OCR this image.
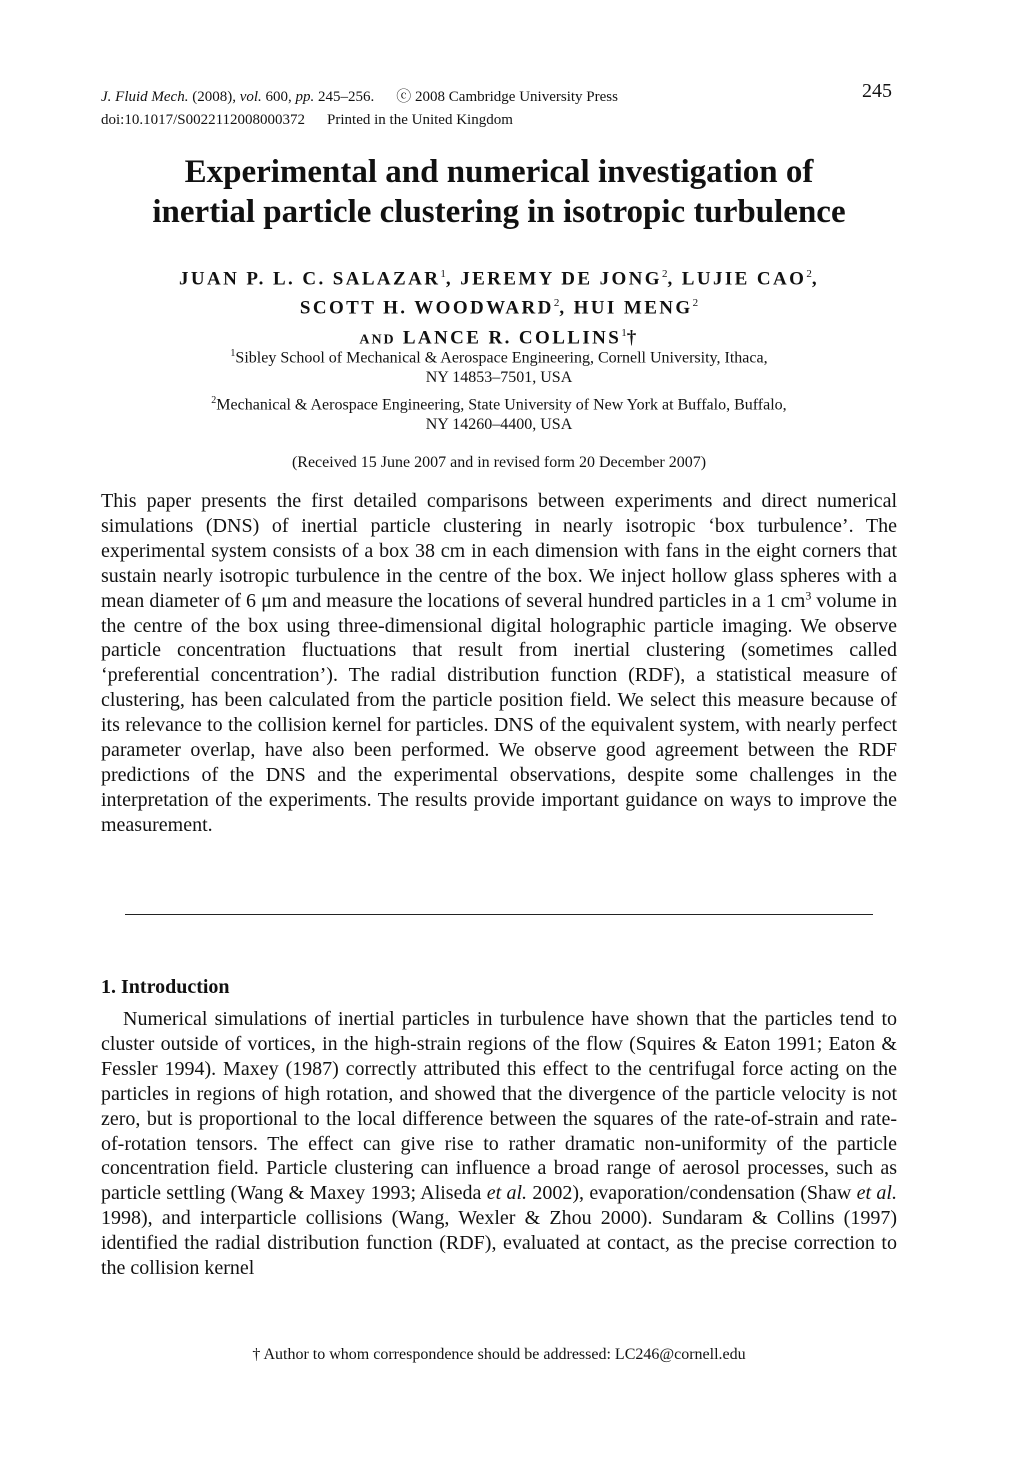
J. Fluid Mech.
(2008),
vol.
600,
pp.
245–256. ⓒ 2008 Cambridge University Press
doi:10.1017/S0022112008000372 Printed in the United Kingdom
245
Experimental and numerical investigation of
inertial particle clustering in isotropic turbulence

JUAN P. L. C. SALAZAR$^1$, JEREMY DE JONG$^2$, LUJIE CAO$^2$,
SCOTT H. WOODWARD$^2$, HUI MENG$^2$
AND LANCE R. COLLINS$^1$†

$^1$Sibley School of Mechanical & Aerospace Engineering, Cornell University, Ithaca,
NY 14853–7501, USA

$^2$Mechanical & Aerospace Engineering, State University of New York at Buffalo, Buffalo,
NY 14260–4400, USA

(Received 15 June 2007 and in revised form 20 December 2007)

This paper presents the first detailed comparisons between experiments and direct numerical simulations (DNS) of inertial particle clustering in nearly isotropic ‘box turbulence’. The experimental system consists of a box 38 cm in each dimension with fans in the eight corners that sustain nearly isotropic turbulence in the centre of the box. We inject hollow glass spheres with a mean diameter of 6 μm and measure the locations of several hundred particles in a 1 $cm^3$ volume in the centre of the box using three-dimensional digital holographic particle imaging. We observe particle concentration fluctuations that result from inertial clustering (sometimes called ‘preferential concentration’). The radial distribution function (RDF), a statistical measure of clustering, has been calculated from the particle position field. We select this measure because of its relevance to the collision kernel for particles. DNS of the equivalent system, with nearly perfect parameter overlap, have also been performed. We observe good agreement between the RDF predictions of the DNS and the experimental observations, despite some challenges in the interpretation of the experiments. The results provide important guidance on ways to improve the measurement.

1. Introduction

Numerical simulations of inertial particles in turbulence have shown that the particles tend to cluster outside of vortices, in the high-strain regions of the flow (Squires & Eaton 1991; Eaton & Fessler 1994). Maxey (1987) correctly attributed this effect to the centrifugal force acting on the particles in regions of high rotation, and showed that the divergence of the particle velocity is not zero, but is proportional to the local difference between the squares of the rate-of-strain and rate-of-rotation tensors. The effect can give rise to rather dramatic non-uniformity of the particle concentration field. Particle clustering can influence a broad range of aerosol processes, such as particle settling (Wang & Maxey 1993; Aliseda et al. 2002), evaporation/condensation (Shaw et al. 1998), and interparticle collisions (Wang, Wexler & Zhou 2000). Sundaram & Collins (1997) identified the radial distribution function (RDF), evaluated at contact, as the precise correction to the collision kernel

† Author to whom correspondence should be addressed: LC246@cornell.edu
